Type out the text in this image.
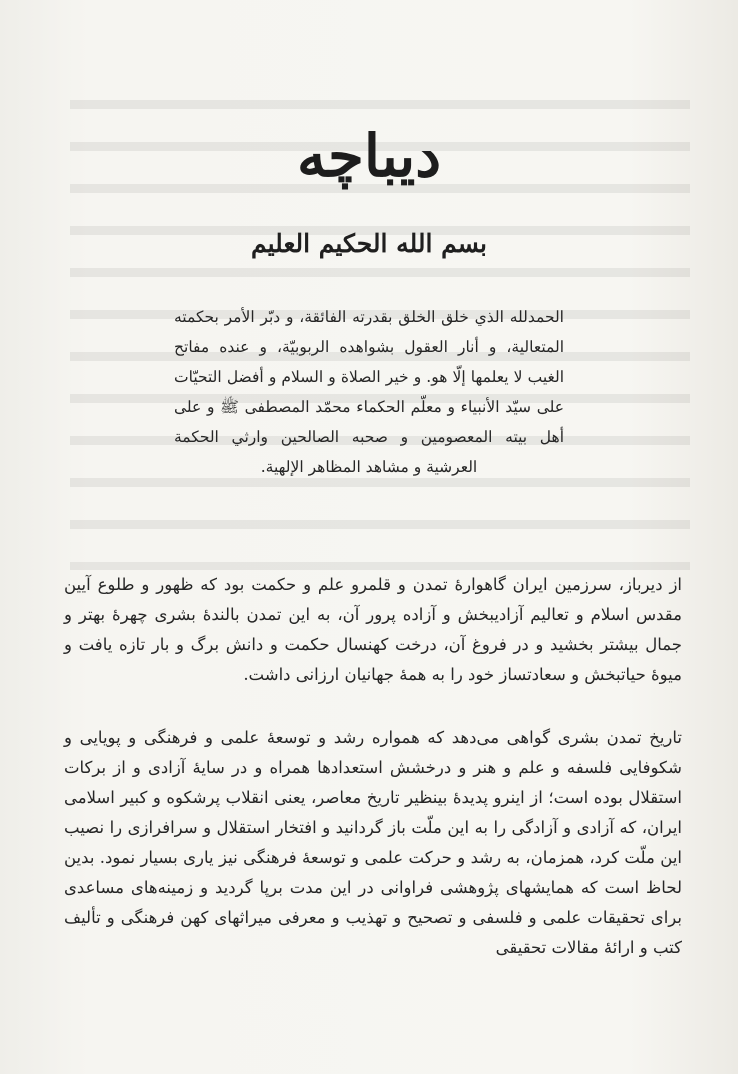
دیباچه
بسم الله الحکیم العلیم

الحمدلله الذي خلق الخلق بقدرته الفائقة، و دبّر الأمر بحكمته المتعالية، و أنار العقول بشواهده الربوبيّة، و عنده مفاتح الغيب لا يعلمها إلّا هو. و خير الصلاة و السلام و أفضل التحيّات على سيّد الأنبياء و معلّم الحكماء محمّد المصطفى ﷺ و على أهل بيته المعصومين و صحبه الصالحين وارثي الحكمة العرشية و مشاهد المظاهر الإلهية.

از دیرباز، سرزمین ایران گاهوارهٔ تمدن و قلمرو علم و حکمت بود که ظهور و طلوع آیین مقدس اسلام و تعالیم آزادیبخش و آزاده پرور آن، به این تمدن بالندهٔ بشری چهرهٔ بهتر و جمال بیشتر بخشید و در فروغ آن، درخت کهنسال حکمت و دانش برگ و بار تازه یافت و میوهٔ حیاتبخش و سعادتساز خود را به همهٔ جهانیان ارزانی داشت.

تاریخ تمدن بشری گواهی می‌دهد که همواره رشد و توسعهٔ علمی و فرهنگی و پویایی و شکوفایی فلسفه و علم و هنر و درخشش استعدادها همراه و در سایهٔ آزادی و از برکات استقلال بوده است؛ از اینرو پدیدهٔ بینظیر تاریخ معاصر، یعنی انقلاب پرشکوه و کبیر اسلامی ایران، که آزادی و آزادگی را به این ملّت باز گردانید و افتخار استقلال و سرافرازی را نصیب این ملّت کرد، همزمان، به رشد و حرکت علمی و توسعهٔ فرهنگی نیز یاری بسیار نمود. بدین لحاظ است که همایشهای پژوهشی فراوانی در این مدت برپا گردید و زمینه‌های مساعدی برای تحقیقات علمی و فلسفی و تصحیح و تهذیب و معرفی میراثهای کهن فرهنگی و تألیف کتب و ارائهٔ مقالات تحقیقی
